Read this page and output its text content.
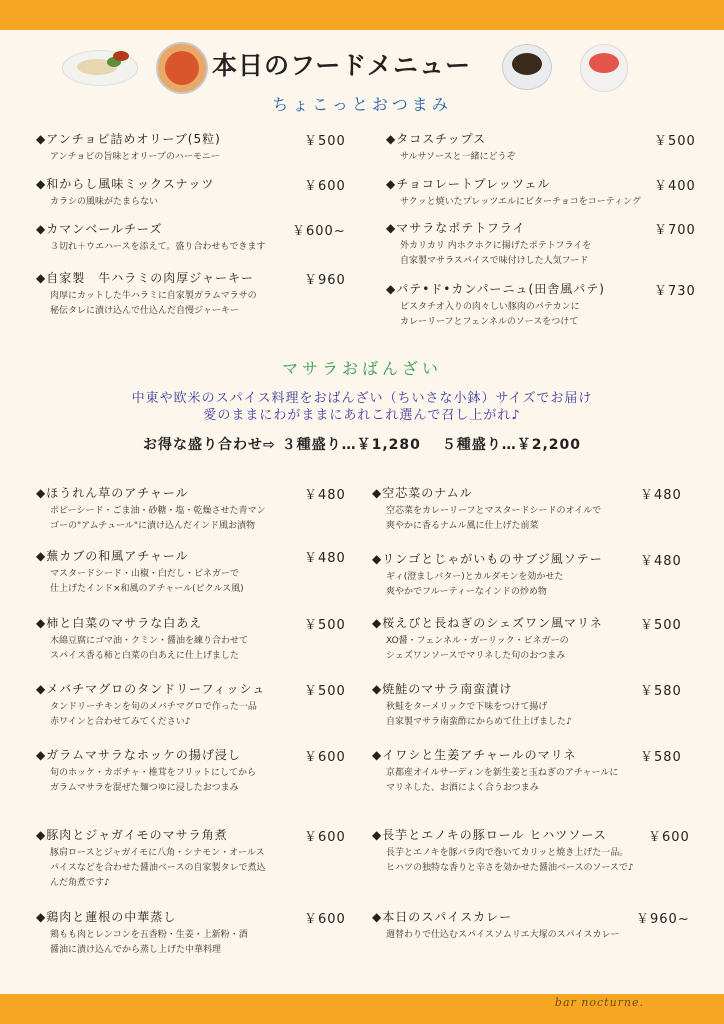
本日のフードメニュー
ちょこっとおつまみ
◆アンチョビ詰めオリーブ(5粒)	￥500
アンチョビの旨味とオリーブのハーモニー
◆和からし風味ミックスナッツ	￥600
カラシの風味がたまらない
◆カマンベールチーズ	￥600~
３切れ＋ウエハースを添えて。盛り合わせもできます
◆自家製　牛ハラミの肉厚ジャーキー	￥960
肉厚にカットした牛ハラミに自家製ガラムマラサの
秘伝タレに漬け込んで仕込んだ自慢ジャーキー
◆タコスチップス	￥500
サルサソースと一緒にどうぞ
◆チョコレートプレッツェル	￥400
サクッと焼いたプレッツエルにビターチョコをコーティング
◆マサラなポテトフライ	￥700
外カリカリ 内ホクホクに揚げたポテトフライを
自家製マサラスパイスで味付けした人気フード
◆パテ•ド•カンパーニュ(田舎風パテ)	￥730
ピスタチオ入りの肉々しい豚肉のパテカンに
カレーリーフとフェンネルのソースをつけて
マサラおばんざい
中東や欧米のスパイス料理をおばんざい（ちいさな小鉢）サイズでお届け
愛のままにわがままにあれこれ選んで召し上がれ♪
お得な盛り合わせ⇨ ３種盛り…￥1,280　 ５種盛り…￥2,200
◆ほうれん草のアチャール	￥480
ポピーシード・ごま油・砂糖・塩・乾燥させた青マン
ゴーの"アムチュール"に漬け込んだインド風お漬物
◆蕪カブの和風アチャール	￥480
マスタードシード・山椒・白だし・ビネガーで
仕上げたインド×和風のアチャール(ピクルス風)
◆柿と白菜のマサラな白あえ	￥500
木綿豆腐にゴマ油・クミン・醤油を練り合わせて
スパイス香る柿と白菜の白あえに仕上げました
◆メバチマグロのタンドリーフィッシュ	￥500
タンドリーチキンを旬のメバチマグロで作った一品
赤ワインと合わせてみてください♪
◆ガラムマサラなホッケの揚げ浸し	￥600
旬のホッケ・カボチャ・椎茸をフリットにしてから
ガラムマサラを混ぜた麺つゆに浸したおつまみ
◆豚肉とジャガイモのマサラ角煮	￥600
豚肩ロースとジャガイモに八角・シナモン・オールス
パイスなどを合わせた醤油ベースの自家製タレで煮込
んだ角煮です♪
◆鶏肉と蓮根の中華蒸し	￥600
鶏もも肉とレンコンを五香粉・生姜・上新粉・酒
醤油に漬け込んでから蒸し上げた中華料理
◆空芯菜のナムル	￥480
空芯菜をカレーリーフとマスタードシードのオイルで
爽やかに香るナムル風に仕上げた前菜
◆リンゴとじゃがいものサブジ風ソテー	￥480
ギィ(澄ましバター)とカルダモンを効かせた
爽やかでフルーティーなインドの炒め物
◆桜えびと長ねぎのシェズワン風マリネ	￥500
XO醤・フェンネル・ガーリック・ビネガーの
シェズワンソースでマリネした旬のおつまみ
◆焼鮭のマサラ南蛮漬け	￥580
秋鮭をターメリックで下味をつけて揚げ
自家製マサラ南蛮酢にからめて仕上げました♪
◆イワシと生姜アチャールのマリネ	￥580
京都産オイルサーディンを新生姜と玉ねぎのアチャールに
マリネした、お酒によく合うおつまみ
◆長芋とエノキの豚ロール ヒハツソース	￥600
長芋とエノキを豚バラ肉で巻いてカリッと焼き上げた一品。
ヒハツの独特な香りと辛さを効かせた醤油ベースのソースで♪
◆本日のスパイスカレー	￥960~
週替わりで仕込むスパイスソムリエ大塚のスパイスカレー
bar nocturne.
